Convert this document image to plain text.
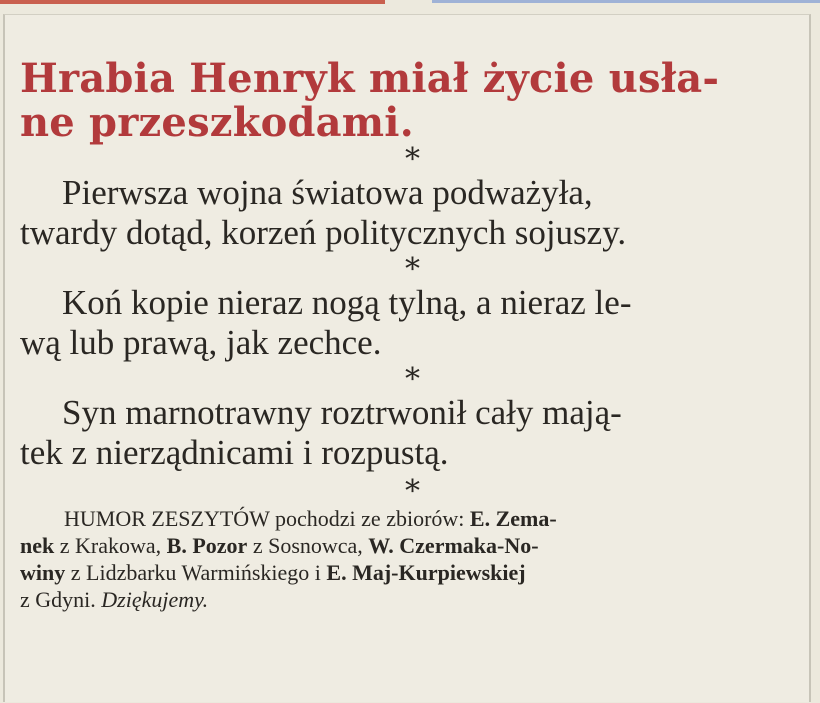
Hrabia Henryk miał życie usła-
ne przeszkodami.
*

Pierwsza wojna światowa podważyła,
twardy dotąd, korzeń politycznych sojuszy.

*

Koń kopie nieraz nogą tylną, a nieraz le-
wą lub prawą, jak zechce.

*

Syn marnotrawny roztrwonił cały mają-
tek z nierządnicami i rozpustą.

*

HUMOR ZESZYTÓW pochodzi ze zbiorów: E. Zema-
nek z Krakowa, B. Pozor z Sosnowca, W. Czermaka-No-
winy z Lidzbarku Warmińskiego i E. Maj-Kurpiewskiej
z Gdyni. Dziękujemy.
